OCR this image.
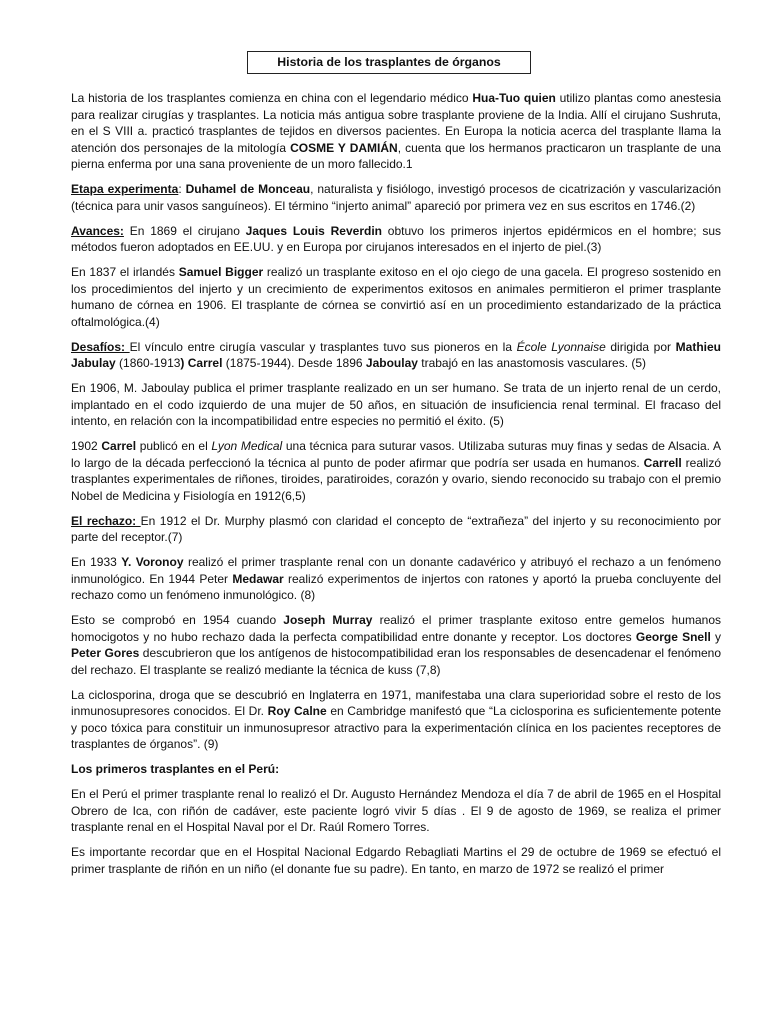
Historia de los trasplantes de órganos

La historia de los trasplantes comienza en china con el legendario médico Hua-Tuo quien utilizo plantas como anestesia para realizar cirugías y trasplantes. La noticia más antigua sobre trasplante proviene de la India. Allí el cirujano Sushruta, en el S VIII a. practicó trasplantes de tejidos en diversos pacientes. En Europa la noticia acerca del trasplante llama la atención dos personajes de la mitología COSME Y DAMIÁN, cuenta que los hermanos practicaron un trasplante de una pierna enferma por una sana proveniente de un moro fallecido.1

Etapa experimenta: Duhamel de Monceau, naturalista y fisiólogo, investigó procesos de cicatrización y vascularización (técnica para unir vasos sanguíneos). El término “injerto animal” apareció por primera vez en sus escritos en 1746.(2)

Avances: En 1869 el cirujano Jaques Louis Reverdin obtuvo los primeros injertos epidérmicos en el hombre; sus métodos fueron adoptados en EE.UU. y en Europa por cirujanos interesados en el injerto de piel.(3)

En 1837 el irlandés Samuel Bigger realizó un trasplante exitoso en el ojo ciego de una gacela. El progreso sostenido en los procedimientos del injerto y un crecimiento de experimentos exitosos en animales permitieron el primer trasplante humano de córnea en 1906. El trasplante de córnea se convirtió así en un procedimiento estandarizado de la práctica oftalmológica.(4)

Desafíos: El vínculo entre cirugía vascular y trasplantes tuvo sus pioneros en la École Lyonnaise dirigida por Mathieu Jabulay (1860-1913) Carrel (1875-1944). Desde 1896 Jaboulay trabajó en las anastomosis vasculares. (5)

En 1906, M. Jaboulay publica el primer trasplante realizado en un ser humano. Se trata de un injerto renal de un cerdo, implantado en el codo izquierdo de una mujer de 50 años, en situación de insuficiencia renal terminal. El fracaso del intento, en relación con la incompatibilidad entre especies no permitió el éxito. (5)

1902 Carrel publicó en el Lyon Medical una técnica para suturar vasos. Utilizaba suturas muy finas y sedas de Alsacia. A lo largo de la década perfeccionó la técnica al punto de poder afirmar que podría ser usada en humanos. Carrell realizó trasplantes experimentales de riñones, tiroides, paratiroides, corazón y ovario, siendo reconocido su trabajo con el premio Nobel de Medicina y Fisiología en 1912(6,5)

El rechazo: En 1912 el Dr. Murphy plasmó con claridad el concepto de “extrañeza” del injerto y su reconocimiento por parte del receptor.(7)

En 1933 Y. Voronoy realizó el primer trasplante renal con un donante cadavérico y atribuyó el rechazo a un fenómeno inmunológico. En 1944 Peter Medawar realizó experimentos de injertos con ratones y aportó la prueba concluyente del rechazo como un fenómeno inmunológico. (8)

Esto se comprobó en 1954 cuando Joseph Murray realizó el primer trasplante exitoso entre gemelos humanos homocigotos y no hubo rechazo dada la perfecta compatibilidad entre donante y receptor. Los doctores George Snell y Peter Gores descubrieron que los antígenos de histocompatibilidad eran los responsables de desencadenar el fenómeno del rechazo. El trasplante se realizó mediante la técnica de kuss (7,8)

La ciclosporina, droga que se descubrió en Inglaterra en 1971, manifestaba una clara superioridad sobre el resto de los inmunosupresores conocidos. El Dr. Roy Calne en Cambridge manifestó que “La ciclosporina es suficientemente potente y poco tóxica para constituir un inmunosupresor atractivo para la experimentación clínica en los pacientes receptores de trasplantes de órganos”. (9)

Los primeros trasplantes en el Perú:

En el Perú el primer trasplante renal lo realizó el Dr. Augusto Hernández Mendoza el día 7 de abril de 1965 en el Hospital Obrero de Ica, con riñón de cadáver, este paciente logró vivir 5 días . El 9 de agosto de 1969, se realiza el primer trasplante renal en el Hospital Naval por el Dr. Raúl Romero Torres.

Es importante recordar que en el Hospital Nacional Edgardo Rebagliati Martins el 29 de octubre de 1969 se efectuó el primer trasplante de riñón en un niño (el donante fue su padre). En tanto, en marzo de 1972 se realizó el primer
